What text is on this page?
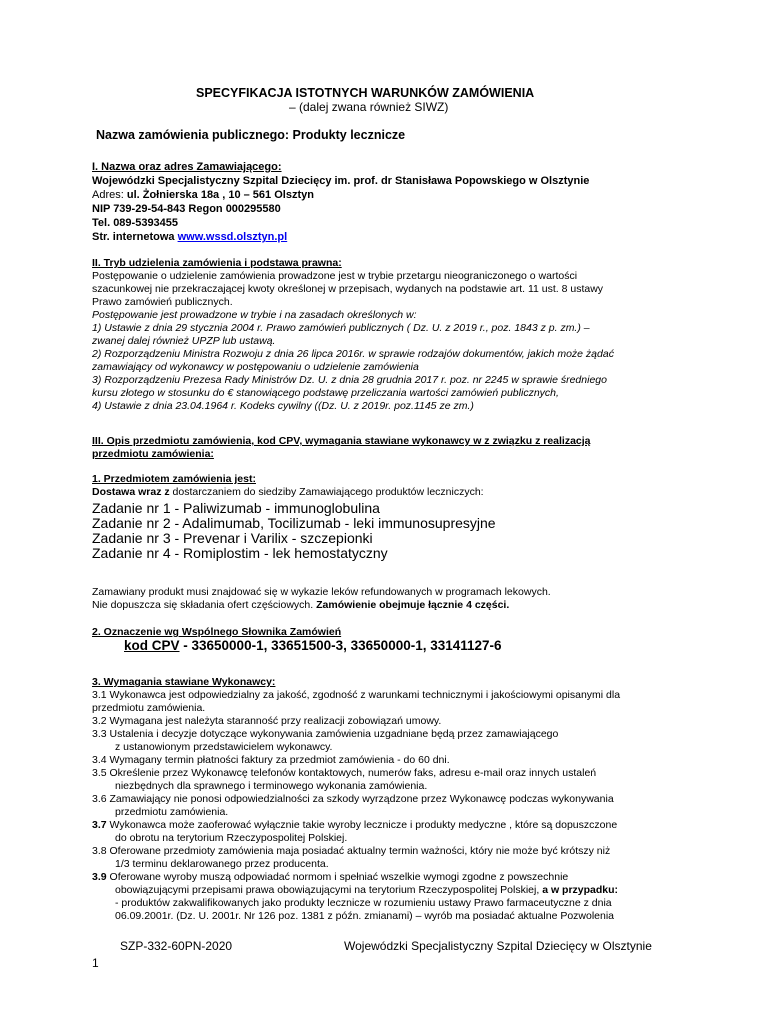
SPECYFIKACJA ISTOTNYCH WARUNKÓW ZAMÓWIENIA
– (dalej zwana również SIWZ)
Nazwa zamówienia publicznego: Produkty lecznicze
I. Nazwa oraz adres Zamawiającego:
Wojewódzki Specjalistyczny Szpital Dziecięcy im. prof. dr Stanisława Popowskiego w Olsztynie
Adres: ul. Żołnierska 18a , 10 – 561 Olsztyn
NIP 739-29-54-843 Regon 000295580
Tel. 089-5393455
Str. internetowa www.wssd.olsztyn.pl
II. Tryb udzielenia zamówienia i podstawa prawna:
Postępowanie o udzielenie zamówienia prowadzone jest w trybie przetargu nieograniczonego o wartości
szacunkowej nie przekraczającej kwoty określonej w przepisach, wydanych na podstawie art. 11 ust. 8 ustawy
Prawo zamówień publicznych.
Postępowanie jest prowadzone w trybie i na zasadach określonych w:
1) Ustawie z dnia 29 stycznia 2004 r. Prawo zamówień publicznych ( Dz. U. z 2019 r., poz. 1843 z p. zm.) –
zwanej dalej również UPZP lub ustawą.
2) Rozporządzeniu Ministra Rozwoju z dnia 26 lipca 2016r. w sprawie rodzajów dokumentów, jakich może żądać
zamawiający od wykonawcy w postępowaniu o udzielenie zamówienia
3) Rozporządzeniu Prezesa Rady Ministrów Dz. U. z dnia 28 grudnia 2017 r. poz. nr 2245 w sprawie średniego
kursu złotego w stosunku do € stanowiącego podstawę przeliczania wartości zamówień publicznych,
4) Ustawie z dnia 23.04.1964 r. Kodeks cywilny ((Dz. U. z 2019r. poz.1145 ze zm.)
III. Opis przedmiotu zamówienia, kod CPV, wymagania stawiane wykonawcy w z związku z realizacją
przedmiotu zamówienia:
1. Przedmiotem zamówienia jest:
Dostawa wraz z dostarczaniem do siedziby Zamawiającego produktów leczniczych:
Zadanie nr 1 - Paliwizumab - immunoglobulina
Zadanie nr 2 - Adalimumab, Tocilizumab - leki immunosupresyjne
Zadanie nr 3 - Prevenar i Varilix - szczepionki
Zadanie nr 4 - Romiplostim - lek hemostatyczny
Zamawiany produkt musi znajdować się w wykazie leków refundowanych w programach lekowych.
Nie dopuszcza się składania ofert częściowych. Zamówienie obejmuje łącznie 4 części.
2. Oznaczenie wg Wspólnego Słownika Zamówień
kod CPV - 33650000-1, 33651500-3, 33650000-1, 33141127-6
3. Wymagania stawiane Wykonawcy:
3.1 Wykonawca jest odpowiedzialny za jakość, zgodność z warunkami technicznymi i jakościowymi opisanymi dla
przedmiotu zamówienia.
3.2 Wymagana jest należyta staranność przy realizacji zobowiązań umowy.
3.3 Ustalenia i decyzje dotyczące wykonywania zamówienia uzgadniane będą przez zamawiającego
z ustanowionym przedstawicielem wykonawcy.
3.4 Wymagany termin płatności faktury za przedmiot zamówienia - do 60 dni.
3.5 Określenie przez Wykonawcę telefonów kontaktowych, numerów faks, adresu e-mail oraz innych ustaleń
niezbędnych dla sprawnego i terminowego wykonania zamówienia.
3.6 Zamawiający nie ponosi odpowiedzialności za szkody wyrządzone przez Wykonawcę podczas wykonywania
przedmiotu zamówienia.
3.7 Wykonawca może zaoferować wyłącznie takie wyroby lecznicze i produkty medyczne , które są dopuszczone
do obrotu na terytorium Rzeczypospolitej Polskiej.
3.8 Oferowane przedmioty zamówienia maja posiadać aktualny termin ważności, który nie może być krótszy niż
1/3 terminu deklarowanego przez producenta.
3.9 Oferowane wyroby muszą odpowiadać normom i spełniać wszelkie wymogi zgodne z powszechnie
obowiązującymi przepisami prawa obowiązującymi na terytorium Rzeczypospolitej Polskiej, a w przypadku:
- produktów zakwalifikowanych jako produkty lecznicze w rozumieniu ustawy Prawo farmaceutyczne z dnia
06.09.2001r. (Dz. U. 2001r. Nr 126 poz. 1381 z późn. zmianami) – wyrób ma posiadać aktualne Pozwolenia
SZP-332-60PN-2020	Wojewódzki Specjalistyczny Szpital Dziecięcy w Olsztynie
1
